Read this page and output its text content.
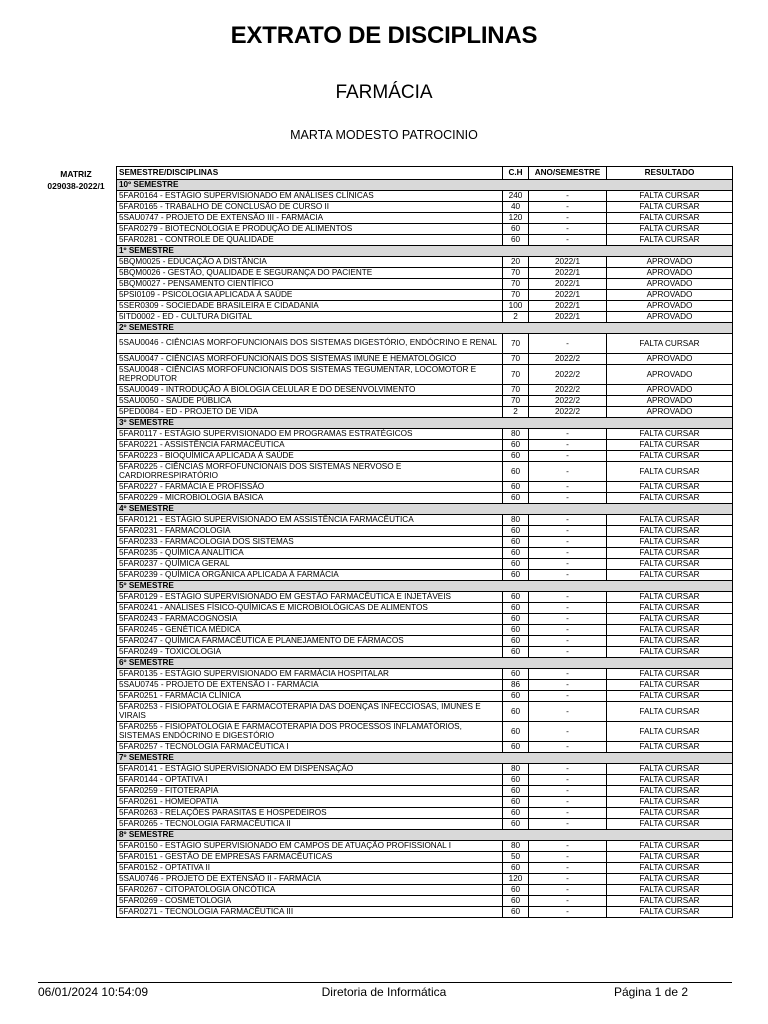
EXTRATO DE DISCIPLINAS
FARMÁCIA
MARTA MODESTO PATROCINIO
MATRIZ
029038-2022/1
SEMESTRE/DISCIPLINAS	C.H	ANO/SEMESTRE	RESULTADO
10º SEMESTRE			
5FAR0164 - ESTÁGIO SUPERVISIONADO EM ANÁLISES CLÍNICAS	240	-	FALTA CURSAR
5FAR0165 - TRABALHO DE CONCLUSÃO DE CURSO II	40	-	FALTA CURSAR
5SAU0747 - PROJETO DE EXTENSÃO III - FARMÁCIA	120	-	FALTA CURSAR
5FAR0279 - BIOTECNOLOGIA E PRODUÇÃO DE ALIMENTOS	60	-	FALTA CURSAR
5FAR0281 - CONTROLE DE QUALIDADE	60	-	FALTA CURSAR
1º SEMESTRE			
5BQM0025 - EDUCAÇÃO A DISTÂNCIA	20	2022/1	APROVADO
5BQM0026 - GESTÃO, QUALIDADE E SEGURANÇA DO PACIENTE	70	2022/1	APROVADO
5BQM0027 - PENSAMENTO CIENTÍFICO	70	2022/1	APROVADO
5PSI0109 - PSICOLOGIA APLICADA À SAÚDE	70	2022/1	APROVADO
5SER0309 - SOCIEDADE BRASILEIRA E CIDADANIA	100	2022/1	APROVADO
5ITD0002 - ED - CULTURA DIGITAL	2	2022/1	APROVADO
2º SEMESTRE			
5SAU0046 - CIÊNCIAS MORFOFUNCIONAIS DOS SISTEMAS DIGESTÓRIO, ENDÓCRINO E RENAL	70	-	FALTA CURSAR
5SAU0047 - CIÊNCIAS MORFOFUNCIONAIS DOS SISTEMAS IMUNE E HEMATOLÓGICO	70	2022/2	APROVADO
5SAU0048 - CIÊNCIAS MORFOFUNCIONAIS DOS SISTEMAS TEGUMENTAR, LOCOMOTOR E REPRODUTOR	70	2022/2	APROVADO
5SAU0049 - INTRODUÇÃO À BIOLOGIA CELULAR E DO DESENVOLVIMENTO	70	2022/2	APROVADO
5SAU0050 - SAÚDE PÚBLICA	70	2022/2	APROVADO
5PED0084 - ED - PROJETO DE VIDA	2	2022/2	APROVADO
3º SEMESTRE			
5FAR0117 - ESTÁGIO SUPERVISIONADO EM PROGRAMAS ESTRATÉGICOS	80	-	FALTA CURSAR
5FAR0221 - ASSISTÊNCIA FARMACÊUTICA	60	-	FALTA CURSAR
5FAR0223 - BIOQUÍMICA APLICADA À SAÚDE	60	-	FALTA CURSAR
5FAR0225 - CIÊNCIAS MORFOFUNCIONAIS DOS SISTEMAS NERVOSO E CARDIORRESPIRATÓRIO	60	-	FALTA CURSAR
5FAR0227 - FARMÁCIA E PROFISSÃO	60	-	FALTA CURSAR
5FAR0229 - MICROBIOLOGIA BÁSICA	60	-	FALTA CURSAR
4º SEMESTRE			
5FAR0121 - ESTÁGIO SUPERVISIONADO EM ASSISTÊNCIA FARMACÊUTICA	80	-	FALTA CURSAR
5FAR0231 - FARMACOLOGIA	60	-	FALTA CURSAR
5FAR0233 - FARMACOLOGIA DOS SISTEMAS	60	-	FALTA CURSAR
5FAR0235 - QUÍMICA ANALÍTICA	60	-	FALTA CURSAR
5FAR0237 - QUÍMICA GERAL	60	-	FALTA CURSAR
5FAR0239 - QUÍMICA ORGÂNICA APLICADA À FARMÁCIA	60	-	FALTA CURSAR
5º SEMESTRE			
5FAR0129 - ESTÁGIO SUPERVISIONADO EM GESTÃO FARMACÊUTICA E INJETÁVEIS	60	-	FALTA CURSAR
5FAR0241 - ANÁLISES FÍSICO-QUÍMICAS E MICROBIOLÓGICAS DE ALIMENTOS	60	-	FALTA CURSAR
5FAR0243 - FARMACOGNOSIA	60	-	FALTA CURSAR
5FAR0245 - GENÉTICA MÉDICA	60	-	FALTA CURSAR
5FAR0247 - QUÍMICA FARMACÊUTICA E PLANEJAMENTO DE FÁRMACOS	60	-	FALTA CURSAR
5FAR0249 - TOXICOLOGIA	60	-	FALTA CURSAR
6º SEMESTRE			
5FAR0135 - ESTÁGIO SUPERVISIONADO EM FARMÁCIA HOSPITALAR	60	-	FALTA CURSAR
5SAU0745 - PROJETO DE EXTENSÃO I - FARMÁCIA	86	-	FALTA CURSAR
5FAR0251 - FARMÁCIA CLÍNICA	60	-	FALTA CURSAR
5FAR0253 - FISIOPATOLOGIA E FARMACOTERAPIA DAS DOENÇAS INFECCIOSAS, IMUNES E VIRAIS	60	-	FALTA CURSAR
5FAR0255 - FISIOPATOLOGIA E FARMACOTERAPIA DOS PROCESSOS INFLAMATÓRIOS, SISTEMAS ENDÓCRINO E DIGESTÓRIO	60	-	FALTA CURSAR
5FAR0257 - TECNOLOGIA FARMACÊUTICA I	60	-	FALTA CURSAR
7º SEMESTRE			
5FAR0141 - ESTÁGIO SUPERVISIONADO EM DISPENSAÇÃO	80	-	FALTA CURSAR
5FAR0144 - OPTATIVA I	60	-	FALTA CURSAR
5FAR0259 - FITOTERAPIA	60	-	FALTA CURSAR
5FAR0261 - HOMEOPATIA	60	-	FALTA CURSAR
5FAR0263 - RELAÇÕES PARASITAS E HOSPEDEIROS	60	-	FALTA CURSAR
5FAR0265 - TECNOLOGIA FARMACÊUTICA II	60	-	FALTA CURSAR
8º SEMESTRE			
5FAR0150 - ESTÁGIO SUPERVISIONADO EM CAMPOS DE ATUAÇÃO PROFISSIONAL I	80	-	FALTA CURSAR
5FAR0151 - GESTÃO DE EMPRESAS FARMACÊUTICAS	50	-	FALTA CURSAR
5FAR0152 - OPTATIVA II	60	-	FALTA CURSAR
5SAU0746 - PROJETO DE EXTENSÃO II - FARMÁCIA	120	-	FALTA CURSAR
5FAR0267 - CITOPATOLOGIA ONCÓTICA	60	-	FALTA CURSAR
5FAR0269 - COSMETOLOGIA	60	-	FALTA CURSAR
5FAR0271 - TECNOLOGIA FARMACÊUTICA III	60	-	FALTA CURSAR
06/01/2024 10:54:09	Diretoria de Informática	Página 1 de 2
